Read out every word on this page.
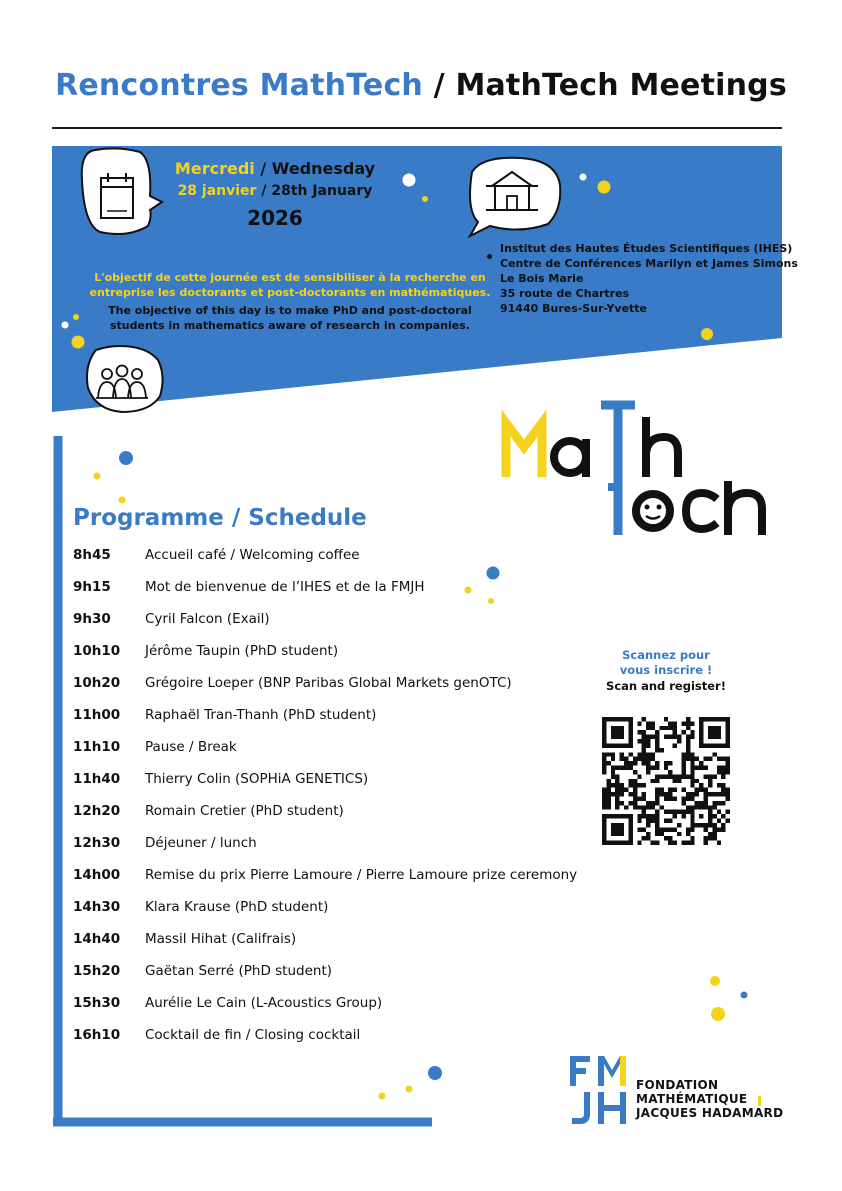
Rencontres MathTech / MathTech Meetings
Mercredi / Wednesday
28 janvier / 28th January
2026
L'objectif de cette journée est de sensibiliser à la recherche en
entreprise les doctorants et post-doctorants en mathématiques.
The objective of this day is to make PhD and post-doctoral
students in mathematics aware of research in companies.
Institut des Hautes Études Scientifiques (IHES)
Centre de Conférences Marilyn et James Simons
Le Bois Marie
35 route de Chartres
91440 Bures-Sur-Yvette
Programme / Schedule
8h45	Accueil café / Welcoming coffee
9h15	Mot de bienvenue de l’IHES et de la FMJH
9h30	Cyril Falcon (Exail)
10h10	Jérôme Taupin (PhD student)
10h20	Grégoire Loeper (BNP Paribas Global Markets genOTC)
11h00	Raphaël Tran-Thanh (PhD student)
11h10	Pause / Break
11h40	Thierry Colin (SOPHiA GENETICS)
12h20	Romain Cretier (PhD student)
12h30	Déjeuner / lunch
14h00	Remise du prix Pierre Lamoure / Pierre Lamoure prize ceremony
14h30	Klara Krause (PhD student)
14h40	Massil Hihat (Califrais)
15h20	Gaëtan Serré (PhD student)
15h30	Aurélie Le Cain (L-Acoustics Group)
16h10	Cocktail de fin / Closing cocktail
Scannez pour
vous inscrire !
Scan and register!
FONDATION
MATHÉMATIQUE
JACQUES HADAMARD
